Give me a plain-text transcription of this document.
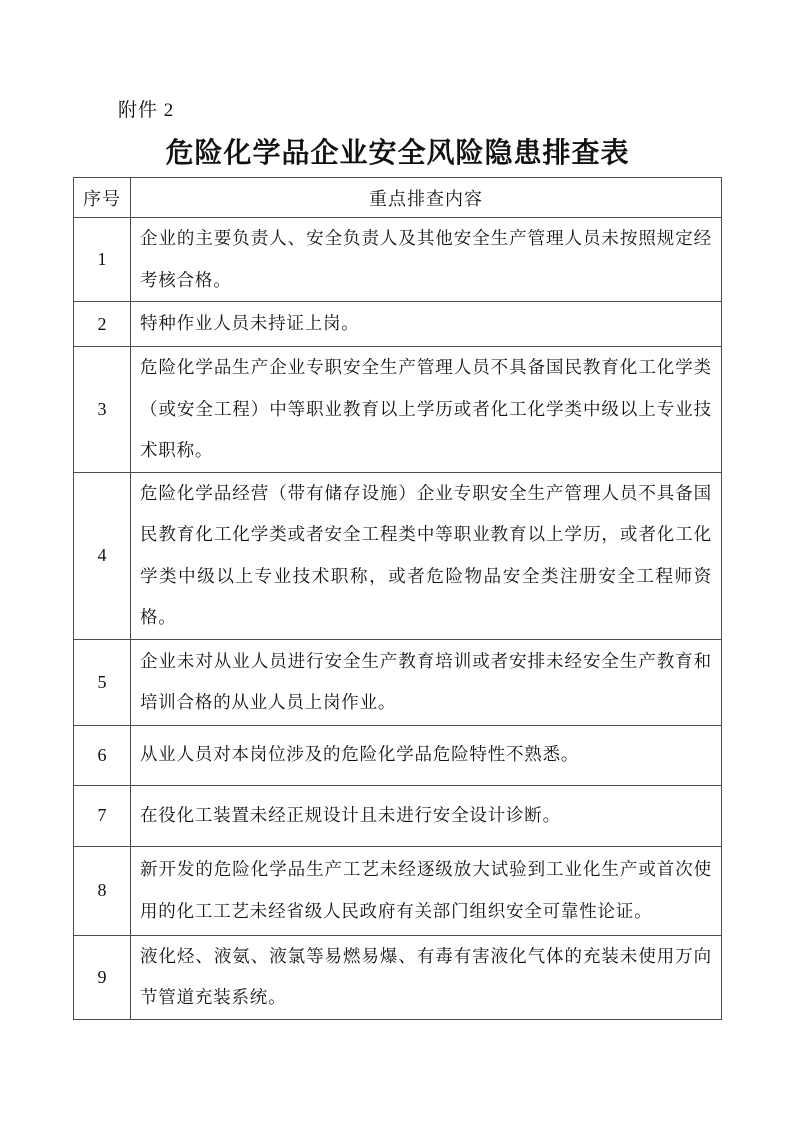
附件 2
危险化学品企业安全风险隐患排查表
序号	重点排查内容
1	企业的主要负责人、安全负责人及其他安全生产管理人员未按照规定经考核合格。
2	特种作业人员未持证上岗。
3	危险化学品生产企业专职安全生产管理人员不具备国民教育化工化学类（或安全工程）中等职业教育以上学历或者化工化学类中级以上专业技术职称。
4	危险化学品经营（带有储存设施）企业专职安全生产管理人员不具备国民教育化工化学类或者安全工程类中等职业教育以上学历，或者化工化学类中级以上专业技术职称，或者危险物品安全类注册安全工程师资格。
5	企业未对从业人员进行安全生产教育培训或者安排未经安全生产教育和培训合格的从业人员上岗作业。
6	从业人员对本岗位涉及的危险化学品危险特性不熟悉。
7	在役化工装置未经正规设计且未进行安全设计诊断。
8	新开发的危险化学品生产工艺未经逐级放大试验到工业化生产或首次使用的化工工艺未经省级人民政府有关部门组织安全可靠性论证。
9	液化烃、液氨、液氯等易燃易爆、有毒有害液化气体的充装未使用万向节管道充装系统。
